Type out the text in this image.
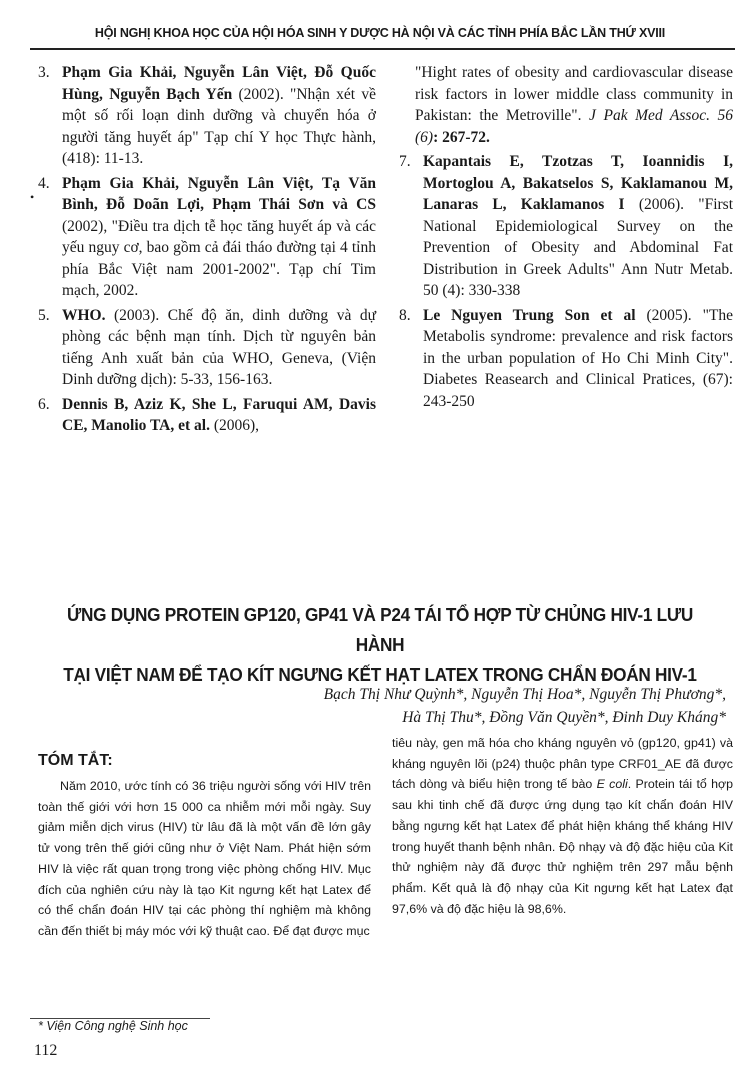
HỘI NGHỊ KHOA HỌC CỦA HỘI HÓA SINH Y DƯỢC HÀ NỘI VÀ CÁC TỈNH PHÍA BẮC LẦN THỨ XVIII

3. Phạm Gia Khải, Nguyễn Lân Việt, Đỗ Quốc Hùng, Nguyễn Bạch Yến (2002). "Nhận xét về một số rối loạn dinh dưỡng và chuyển hóa ở người tăng huyết áp" Tạp chí Y học Thực hành, (418): 11-13.

4. Phạm Gia Khải, Nguyễn Lân Việt, Tạ Văn Bình, Đỗ Doãn Lợi, Phạm Thái Sơn và CS (2002), "Điều tra dịch tễ học tăng huyết áp và các yếu nguy cơ, bao gồm cả đái tháo đường tại 4 tỉnh phía Bắc Việt nam 2001-2002". Tạp chí Tim mạch, 2002.

5. WHO. (2003). Chế độ ăn, dinh dưỡng và dự phòng các bệnh mạn tính. Dịch từ nguyên bản tiếng Anh xuất bản của WHO, Geneva, (Viện Dinh dưỡng dịch): 5-33, 156-163.

6. Dennis B, Aziz K, She L, Faruqui AM, Davis CE, Manolio TA, et al. (2006),

•

"Hight rates of obesity and cardiovascular disease risk factors in lower middle class community in Pakistan: the Metroville". J Pak Med Assoc. 56 (6): 267-72.

7. Kapantais E, Tzotzas T, Ioannidis I, Mortoglou A, Bakatselos S, Kaklamanou M, Lanaras L, Kaklamanos I (2006). "First National Epidemiological Survey on the Prevention of Obesity and Abdominal Fat Distribution in Greek Adults" Ann Nutr Metab. 50 (4): 330-338

8. Le Nguyen Trung Son et al (2005). "The Metabolis syndrome: prevalence and risk factors in the urban population of Ho Chi Minh City". Diabetes Reasearch and Clinical Pratices, (67): 243-250

ỨNG DỤNG PROTEIN GP120, GP41 VÀ P24 TÁI TỔ HỢP TỪ CHỦNG HIV-1 LƯU HÀNH
TẠI VIỆT NAM ĐỂ TẠO KÍT NGƯNG KẾT HẠT LATEX TRONG CHẨN ĐOÁN HIV-1
Bạch Thị Như Quỳnh*, Nguyễn Thị Hoa*, Nguyễn Thị Phương*,
Hà Thị Thu*, Đồng Văn Quyền*, Đinh Duy Kháng*
TÓM TẮT:
Năm 2010, ước tính có 36 triệu người sống với HIV trên toàn thế giới với hơn 15 000 ca nhiễm mới mỗi ngày. Suy giảm miễn dịch virus (HIV) từ lâu đã là một vấn đề lớn gây tử vong trên thế giới cũng như ở Việt Nam. Phát hiện sớm HIV là việc rất quan trọng trong việc phòng chống HIV. Mục đích của nghiên cứu này là tạo Kit ngưng kết hạt Latex để có thể chẩn đoán HIV tại các phòng thí nghiệm mà không cần đến thiết bị máy móc với kỹ thuật cao. Để đạt được mục
tiêu này, gen mã hóa cho kháng nguyên vỏ (gp120, gp41) và kháng nguyên lõi (p24) thuộc phân type CRF01_AE đã được tách dòng và biểu hiện trong tế bào E coli. Protein tái tổ hợp sau khi tinh chế đã được ứng dụng tạo kít chẩn đoán HIV bằng ngưng kết hạt Latex để phát hiện kháng thể kháng HIV trong huyết thanh bệnh nhân. Độ nhạy và độ đặc hiệu của Kit thử nghiệm này đã được thử nghiệm trên 297 mẫu bệnh phẩm. Kết quả là độ nhạy của Kit ngưng kết hạt Latex đạt 97,6% và độ đặc hiệu là 98,6%.
* Viện Công nghệ Sinh học
112
